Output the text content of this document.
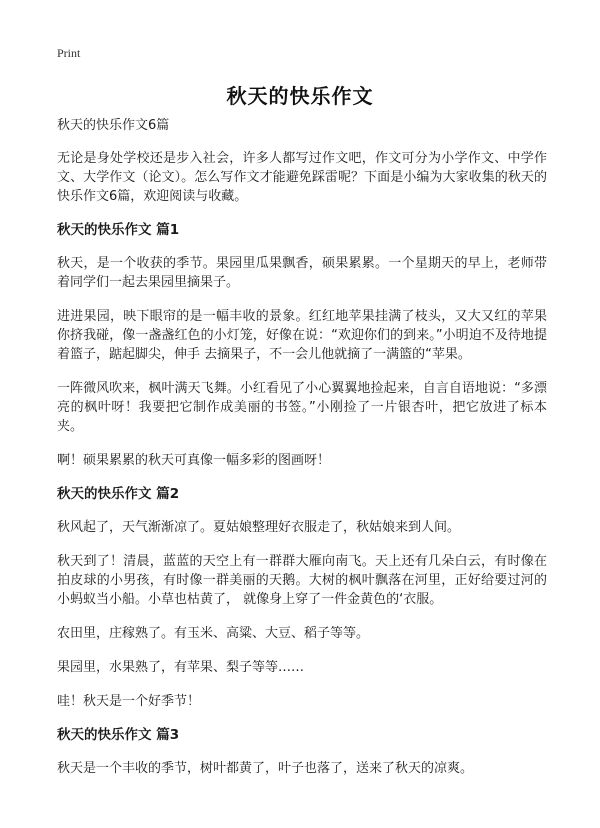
Print
秋天的快乐作文
秋天的快乐作文6篇

无论是身处学校还是步入社会，许多人都写过作文吧，作文可分为小学作文、中学作文、大学作文（论文）。怎么写作文才能避免踩雷呢？下面是小编为大家收集的秋天的快乐作文6篇，欢迎阅读与收藏。

秋天的快乐作文 篇1

秋天，是一个收获的季节。果园里瓜果飘香，硕果累累。一个星期天的早上，老师带着同学们一起去果园里摘果子。

进进果园，映下眼帘的是一幅丰收的景象。红红地苹果挂满了枝头，又大又红的苹果你挤我碰，像一盏盏红色的小灯笼，好像在说：“欢迎你们的到来。”小明迫不及待地提着篮子，踮起脚尖，伸手 去摘果子，不一会儿他就摘了一满篮的“苹果。

一阵微风吹来，枫叶满天飞舞。小红看见了小心翼翼地捡起来，自言自语地说：“多漂亮的枫叶呀！我要把它制作成美丽的书签。”小刚捡了一片银杏叶，把它放进了标本夹。

啊！硕果累累的秋天可真像一幅多彩的图画呀！

秋天的快乐作文 篇2

秋风起了，天气渐渐凉了。夏姑娘整理好衣服走了，秋姑娘来到人间。

秋天到了！清晨，蓝蓝的天空上有一群群大雁向南飞。天上还有几朵白云，有时像在拍皮球的小男孩，有时像一群美丽的天鹅。大树的枫叶飘落在河里，正好给要过河的小蚂蚁当小船。小草也枯黄了， 就像身上穿了一件金黄色的‘衣服。

农田里，庄稼熟了。有玉米、高粱、大豆、稻子等等。

果园里，水果熟了，有苹果、梨子等等……

哇！秋天是一个好季节！

秋天的快乐作文 篇3

秋天是一个丰收的季节，树叶都黄了，叶子也落了，送来了秋天的凉爽。
